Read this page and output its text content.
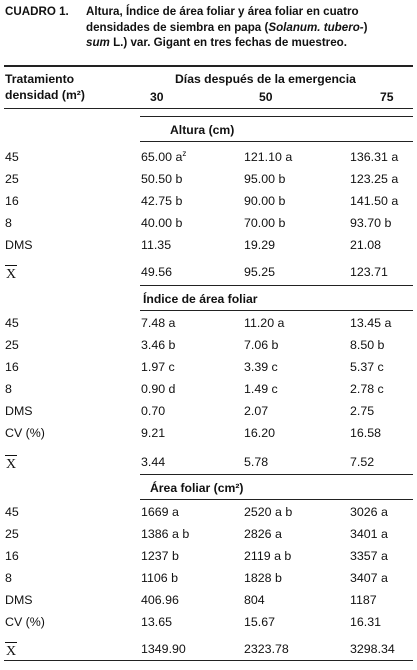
CUADRO 1. Altura, Índice de área foliar y área foliar en cuatro
densidades de siembra en papa (Solanum. tubero-)
sum L.) var. Gigant en tres fechas de muestreo.
Tratamiento
densidad (m²)
Días después de la emergencia
30	50	75
Altura (cm)
45	65.00 $a^z$	121.10 a	136.31 a
25	50.50 b	95.00 b	123.25 a
16	42.75 b	90.00 b	141.50 a
8	40.00 b	70.00 b	93.70 b
DMS	11.35	19.29	21.08
X	49.56	95.25	123.71
Índice de área foliar
45	7.48 a	11.20 a	13.45 a
25	3.46 b	7.06 b	8.50 b
16	1.97 c	3.39 c	5.37 c
8	0.90 d	1.49 c	2.78 c
DMS	0.70	2.07	2.75
CV (%)	9.21	16.20	16.58
X	3.44	5.78	7.52
Área foliar (cm²)
45	1669 a	2520 a b	3026 a
25	1386 a b	2826 a	3401 a
16	1237 b	2119 a b	3357 a
8	1106 b	1828 b	3407 a
DMS	406.96	804	1187
CV (%)	13.65	15.67	16.31
X	1349.90	2323.78	3298.34
